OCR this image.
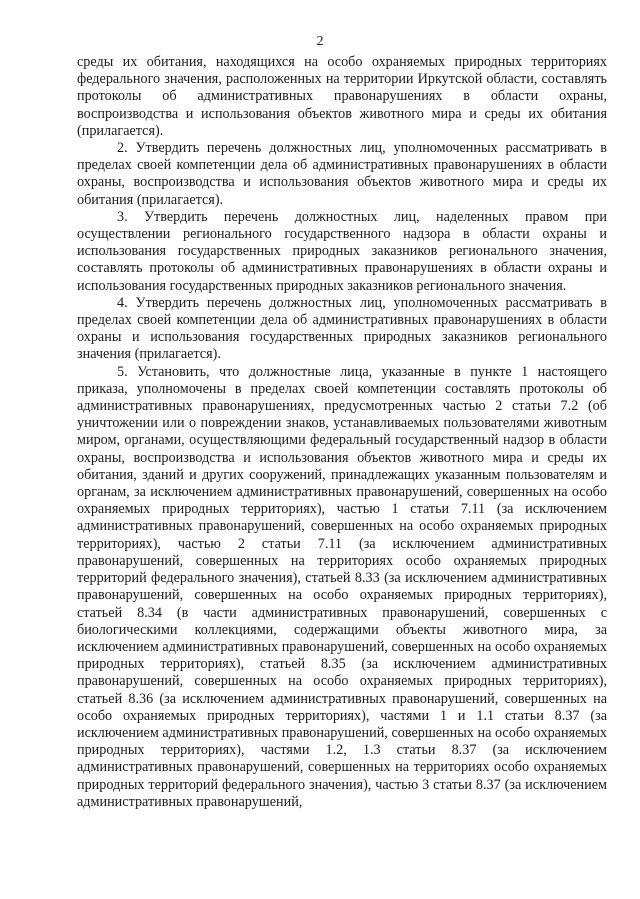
2

среды их обитания, находящихся на особо охраняемых природных территориях федерального значения, расположенных на территории Иркутской области, составлять протоколы об административных правонарушениях в области охраны, воспроизводства и использования объектов животного мира и среды их обитания (прилагается).

2. Утвердить перечень должностных лиц, уполномоченных рассматривать в пределах своей компетенции дела об административных правонарушениях в области охраны, воспроизводства и использования объектов животного мира и среды их обитания (прилагается).

3. Утвердить перечень должностных лиц, наделенных правом при осуществлении регионального государственного надзора в области охраны и использования государственных природных заказников регионального значения, составлять протоколы об административных правонарушениях в области охраны и использования государственных природных заказников регионального значения.

4. Утвердить перечень должностных лиц, уполномоченных рассматривать в пределах своей компетенции дела об административных правонарушениях в области охраны и использования государственных природных заказников регионального значения (прилагается).

5. Установить, что должностные лица, указанные в пункте 1 настоящего приказа, уполномочены в пределах своей компетенции составлять протоколы об административных правонарушениях, предусмотренных частью 2 статьи 7.2 (об уничтожении или о повреждении знаков, устанавливаемых пользователями животным миром, органами, осуществляющими федеральный государственный надзор в области охраны, воспроизводства и использования объектов животного мира и среды их обитания, зданий и других сооружений, принадлежащих указанным пользователям и органам, за исключением административных правонарушений, совершенных на особо охраняемых природных территориях), частью 1 статьи 7.11 (за исключением административных правонарушений, совершенных на особо охраняемых природных территориях), частью 2 статьи 7.11 (за исключением административных правонарушений, совершенных на территориях особо охраняемых природных территорий федерального значения), статьей 8.33 (за исключением административных правонарушений, совершенных на особо охраняемых природных территориях), статьей 8.34 (в части административных правонарушений, совершенных с биологическими коллекциями, содержащими объекты животного мира, за исключением административных правонарушений, совершенных на особо охраняемых природных территориях), статьей 8.35 (за исключением административных правонарушений, совершенных на особо охраняемых природных территориях), статьей 8.36 (за исключением административных правонарушений, совершенных на особо охраняемых природных территориях), частями 1 и 1.1 статьи 8.37 (за исключением административных правонарушений, совершенных на особо охраняемых природных территориях), частями 1.2, 1.3 статьи 8.37 (за исключением административных правонарушений, совершенных на территориях особо охраняемых природных территорий федерального значения), частью 3 статьи 8.37 (за исключением административных правонарушений,
